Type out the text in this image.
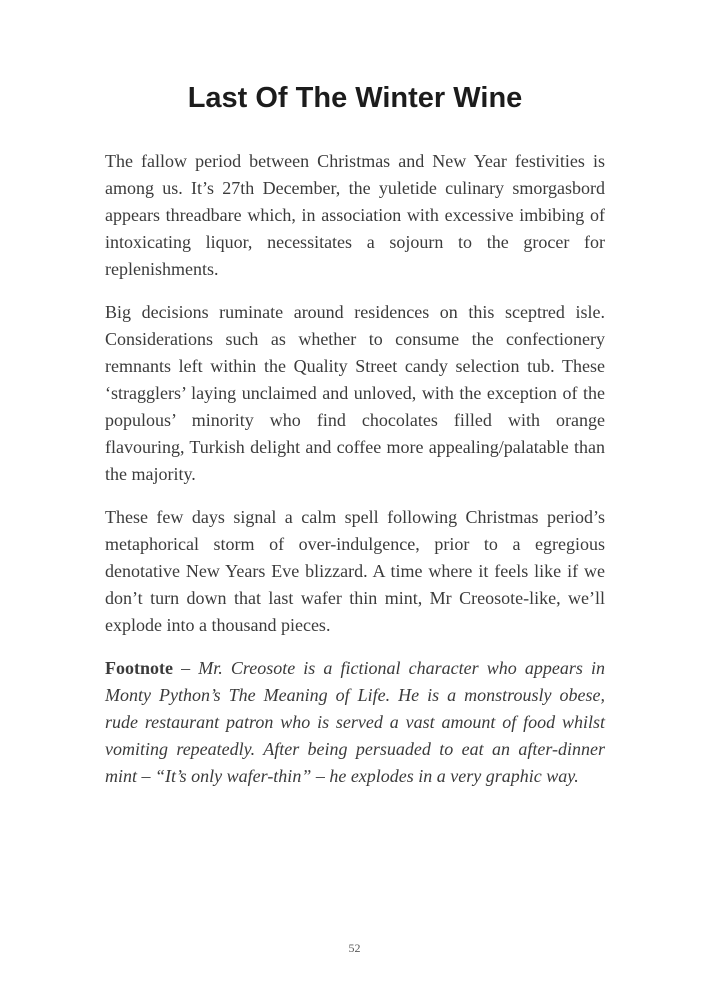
Last Of The Winter Wine

The fallow period between Christmas and New Year festivities is among us. It’s 27th December, the yuletide culinary smorgasbord appears threadbare which, in association with excessive imbibing of intoxicating liquor, necessitates a sojourn to the grocer for replenishments.

Big decisions ruminate around residences on this sceptred isle. Considerations such as whether to consume the confectionery remnants left within the Quality Street candy selection tub. These ‘stragglers’ laying unclaimed and unloved, with the exception of the populous’ minority who find chocolates filled with orange flavouring, Turkish delight and coffee more appealing/palatable than the majority.

These few days signal a calm spell following Christmas period’s metaphorical storm of over-indulgence, prior to a egregious denotative New Years Eve blizzard. A time where it feels like if we don’t turn down that last wafer thin mint, Mr Creosote-like, we’ll explode into a thousand pieces.

Footnote – Mr. Creosote is a fictional character who appears in Monty Python’s The Meaning of Life. He is a monstrously obese, rude restaurant patron who is served a vast amount of food whilst vomiting repeatedly. After being persuaded to eat an after-dinner mint – “It’s only wafer-thin” – he explodes in a very graphic way.

52
